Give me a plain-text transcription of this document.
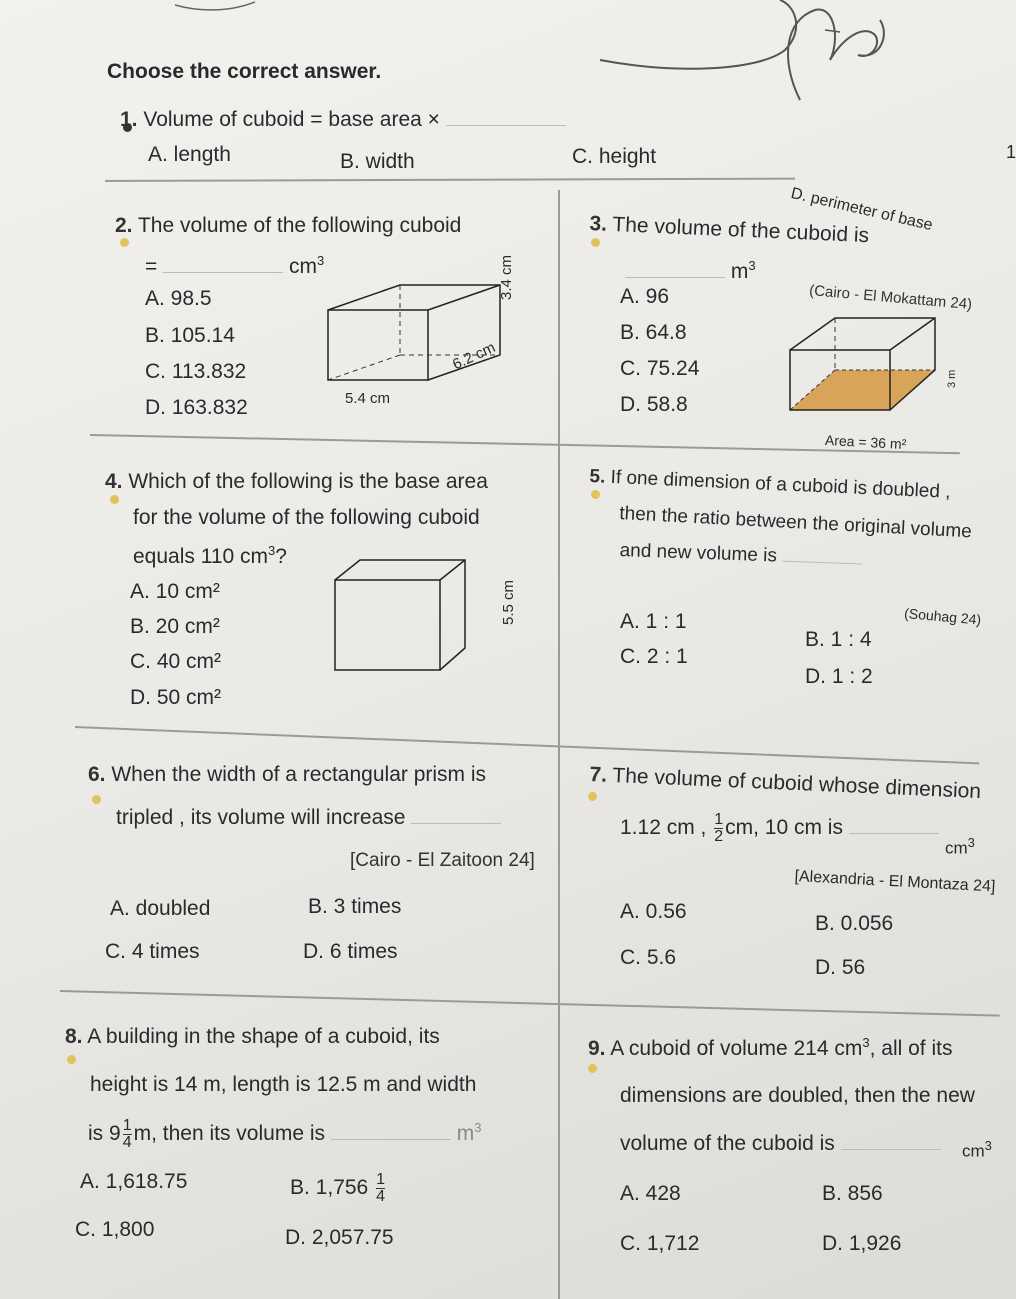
Choose the correct answer.
1
1. Volume of cuboid = base area ×
A. length	B. width	C. height
D. perimeter of base
2. The volume of the following cuboid
=	$cm^3$
A. 98.5
B. 105.14
C. 113.832
D. 163.832
3.4 cm
6.2 cm
5.4 cm
3. The volume of the cuboid is
$m^3$
(Cairo - El Mokattam 24)
A. 96
B. 64.8
C. 75.24
D. 58.8
3 m
Area = 36 m²
4. Which of the following is the base area
for the volume of the following cuboid
equals 110 $cm^3$?
A. 10 cm²
B. 20 cm²
C. 40 cm²
D. 50 cm²
5.5 cm
5. If one dimension of a cuboid is doubled ,
then the ratio between the original volume
and new volume is
(Souhag 24)
A. 1 : 1
B. 1 : 4
C. 2 : 1
D. 1 : 2
6. When the width of a rectangular prism is
tripled , its volume will increase
[Cairo - El Zaitoon 24]
A. doubled	B. 3 times
C. 4 times	D. 6 times
7. The volume of cuboid whose dimension
1.12 cm , $\frac{1}{2}$ cm, 10 cm is
$cm^3$
[Alexandria - El Montaza 24]
A. 0.56
B. 0.056
C. 5.6	D. 56
8. A building in the shape of a cuboid, its
height is 14 m, length is 12.5 m and width
is $9 \frac{1}{4} m$, then its volume is	$m^3$
A. 1,618.75	B. $1,756 \frac{1}{4}$
C. 1,800	D. 2,057.75
9. A cuboid of volume 214 $cm^3$, all of its
dimensions are doubled, then the new
volume of the cuboid is	$cm^3$
A. 428	B. 856
C. 1,712	D. 1,926
